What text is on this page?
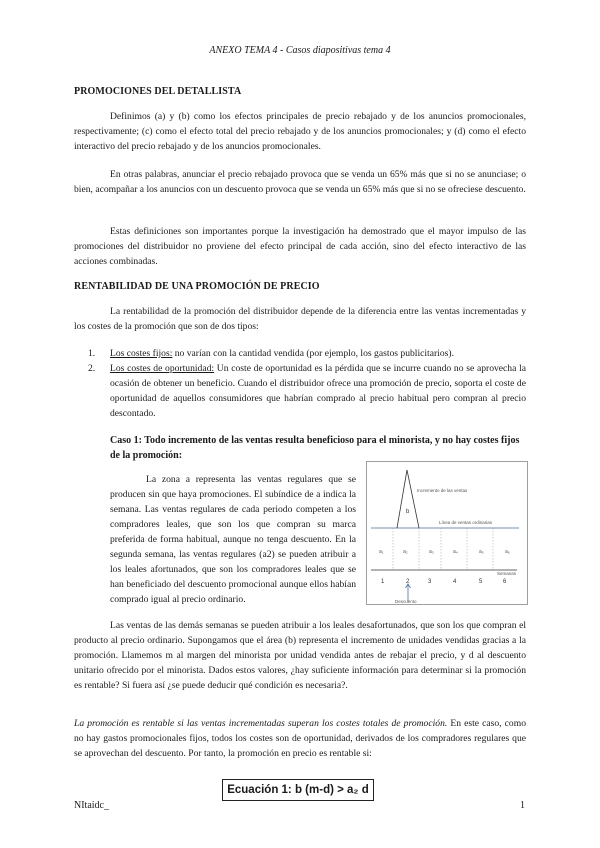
ANEXO TEMA 4 - Casos diapositivas tema 4
PROMOCIONES DEL DETALLISTA
Definimos (a) y (b) como los efectos principales de precio rebajado y de los anuncios promocionales, respectivamente; (c) como el efecto total del precio rebajado y de los anuncios promocionales; y (d) como el efecto interactivo del precio rebajado y de los anuncios promocionales.
En otras palabras, anunciar el precio rebajado provoca que se venda un 65% más que si no se anunciase; o bien, acompañar a los anuncios con un descuento provoca que se venda un 65% más que si no se ofreciese descuento.
Estas definiciones son importantes porque la investigación ha demostrado que el mayor impulso de las promociones del distribuidor no proviene del efecto principal de cada acción, sino del efecto interactivo de las acciones combinadas.
RENTABILIDAD DE UNA PROMOCIÓN DE PRECIO
La rentabilidad de la promoción del distribuidor depende de la diferencia entre las ventas incrementadas y los costes de la promoción que son de dos tipos:
1. Los costes fijos: no varían con la cantidad vendida (por ejemplo, los gastos publicitarios).
2. Los costes de oportunidad: Un coste de oportunidad es la pérdida que se incurre cuando no se aprovecha la ocasión de obtener un beneficio. Cuando el distribuidor ofrece una promoción de precio, soporta el coste de oportunidad de aquellos consumidores que habrían comprado al precio habitual pero compran al precio descontado.
Caso 1: Todo incremento de las ventas resulta beneficioso para el minorista, y no hay costes fijos de la promoción:
La zona a representa las ventas regulares que se producen sin que haya promociones. El subíndice de a indica la semana. Las ventas regulares de cada periodo competen a los compradores leales, que son los que compran su marca preferida de forma habitual, aunque no tenga descuento. En la segunda semana, las ventas regulares (a2) se pueden atribuir a los leales afortunados, que son los compradores leales que se han beneficiado del descuento promocional aunque ellos habían comprado igual al precio ordinario.
a₁	a₂	a₃	a₄	a₅	a₆
b
Incremento de las ventas
Línea de ventas ordinarias
1	2	3	4	5	6
Semanas
Descuento
Las ventas de las demás semanas se pueden atribuir a los leales desafortunados, que son los que compran el producto al precio ordinario. Supongamos que el área (b) representa el incremento de unidades vendidas gracias a la promoción. Llamemos m al margen del minorista por unidad vendida antes de rebajar el precio, y d al descuento unitario ofrecido por el minorista. Dados estos valores, ¿hay suficiente información para determinar si la promoción es rentable? Si fuera así ¿se puede deducir qué condición es necesaria?.
La promoción es rentable si las ventas incrementadas superan los costes totales de promoción. En este caso, como no hay gastos promocionales fijos, todos los costes son de oportunidad, derivados de los compradores regulares que se aprovechan del descuento. Por tanto, la promoción en precio es rentable si:
Ecuación 1: b (m-d) > a₂ d
NItaidc_	1
